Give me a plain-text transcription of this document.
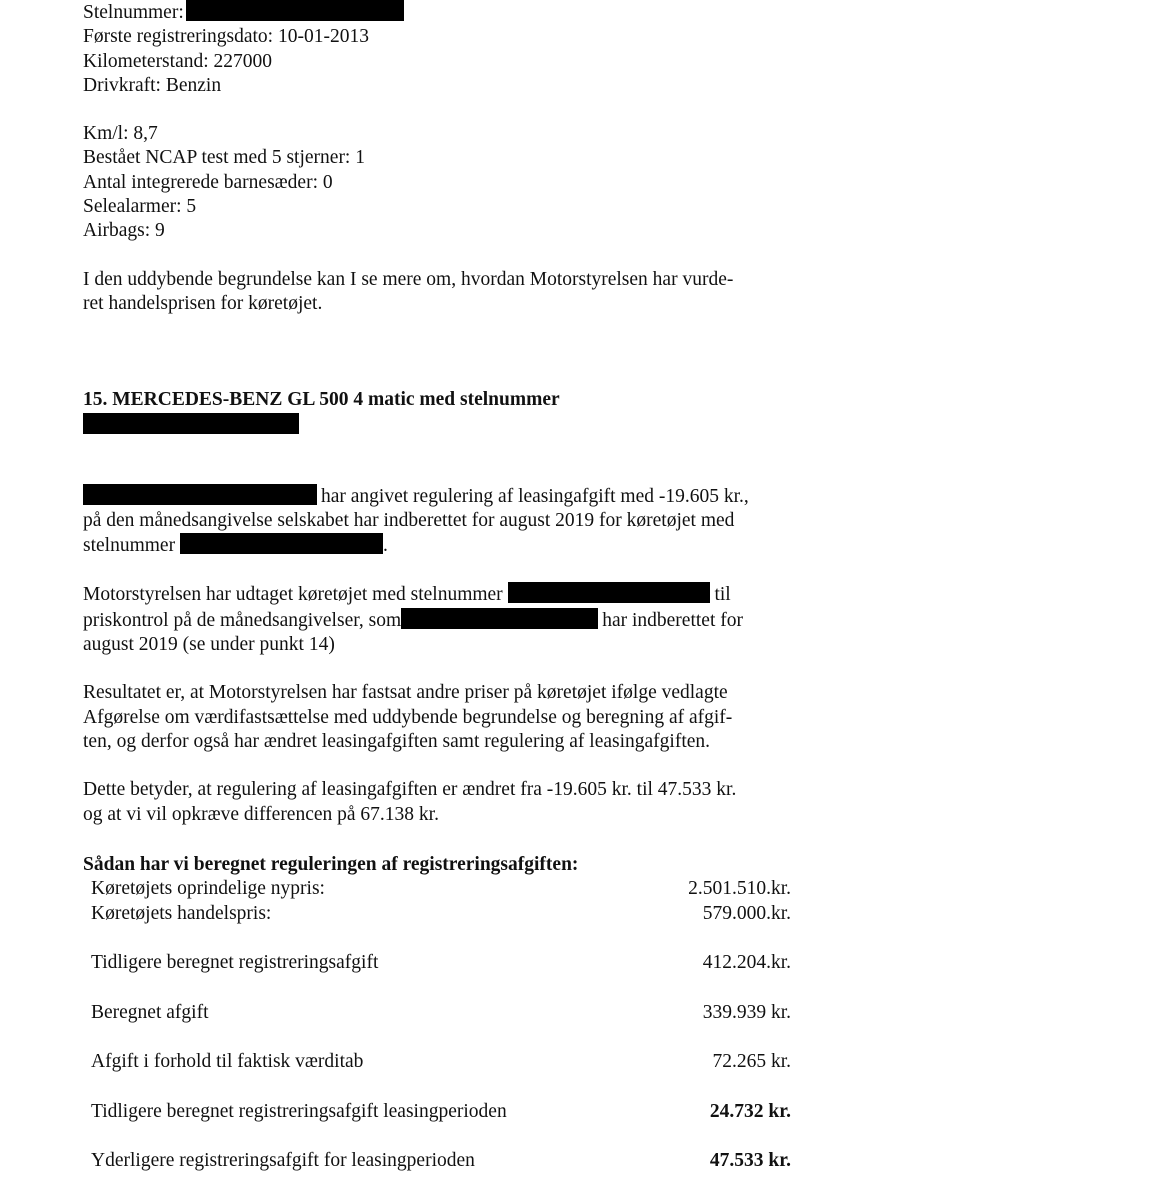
Stelnummer:
Første registreringsdato: 10-01-2013
Kilometerstand: 227000
Drivkraft: Benzin
Km/l: 8,7
Bestået NCAP test med 5 stjerner: 1
Antal integrerede barnesæder: 0
Selealarmer: 5
Airbags: 9
I den uddybende begrundelse kan I se mere om, hvordan Motorstyrelsen har vurde-
ret handelsprisen for køretøjet.
15. MERCEDES-BENZ GL 500 4 matic med stelnummer
har angivet regulering af leasingafgift med -19.605 kr.,
på den månedsangivelse selskabet har indberettet for august 2019 for køretøjet med
stelnummer	.
Motorstyrelsen har udtaget køretøjet med stelnummer	til
priskontrol på de månedsangivelser, som	har indberettet for
august 2019 (se under punkt 14)
Resultatet er, at Motorstyrelsen har fastsat andre priser på køretøjet ifølge vedlagte
Afgørelse om værdifastsættelse med uddybende begrundelse og beregning af afgif-
ten, og derfor også har ændret leasingafgiften samt regulering af leasingafgiften.
Dette betyder, at regulering af leasingafgiften er ændret fra -19.605 kr. til 47.533 kr.
og at vi vil opkræve differencen på 67.138 kr.
Sådan har vi beregnet reguleringen af registreringsafgiften:
Køretøjets oprindelige nypris:	2.501.510.kr.
Køretøjets handelspris:	579.000.kr.
Tidligere beregnet registreringsafgift	412.204.kr.
Beregnet afgift	339.939 kr.
Afgift i forhold til faktisk værditab	72.265 kr.
Tidligere beregnet registreringsafgift leasingperioden	24.732 kr.
Yderligere registreringsafgift for leasingperioden	47.533 kr.
